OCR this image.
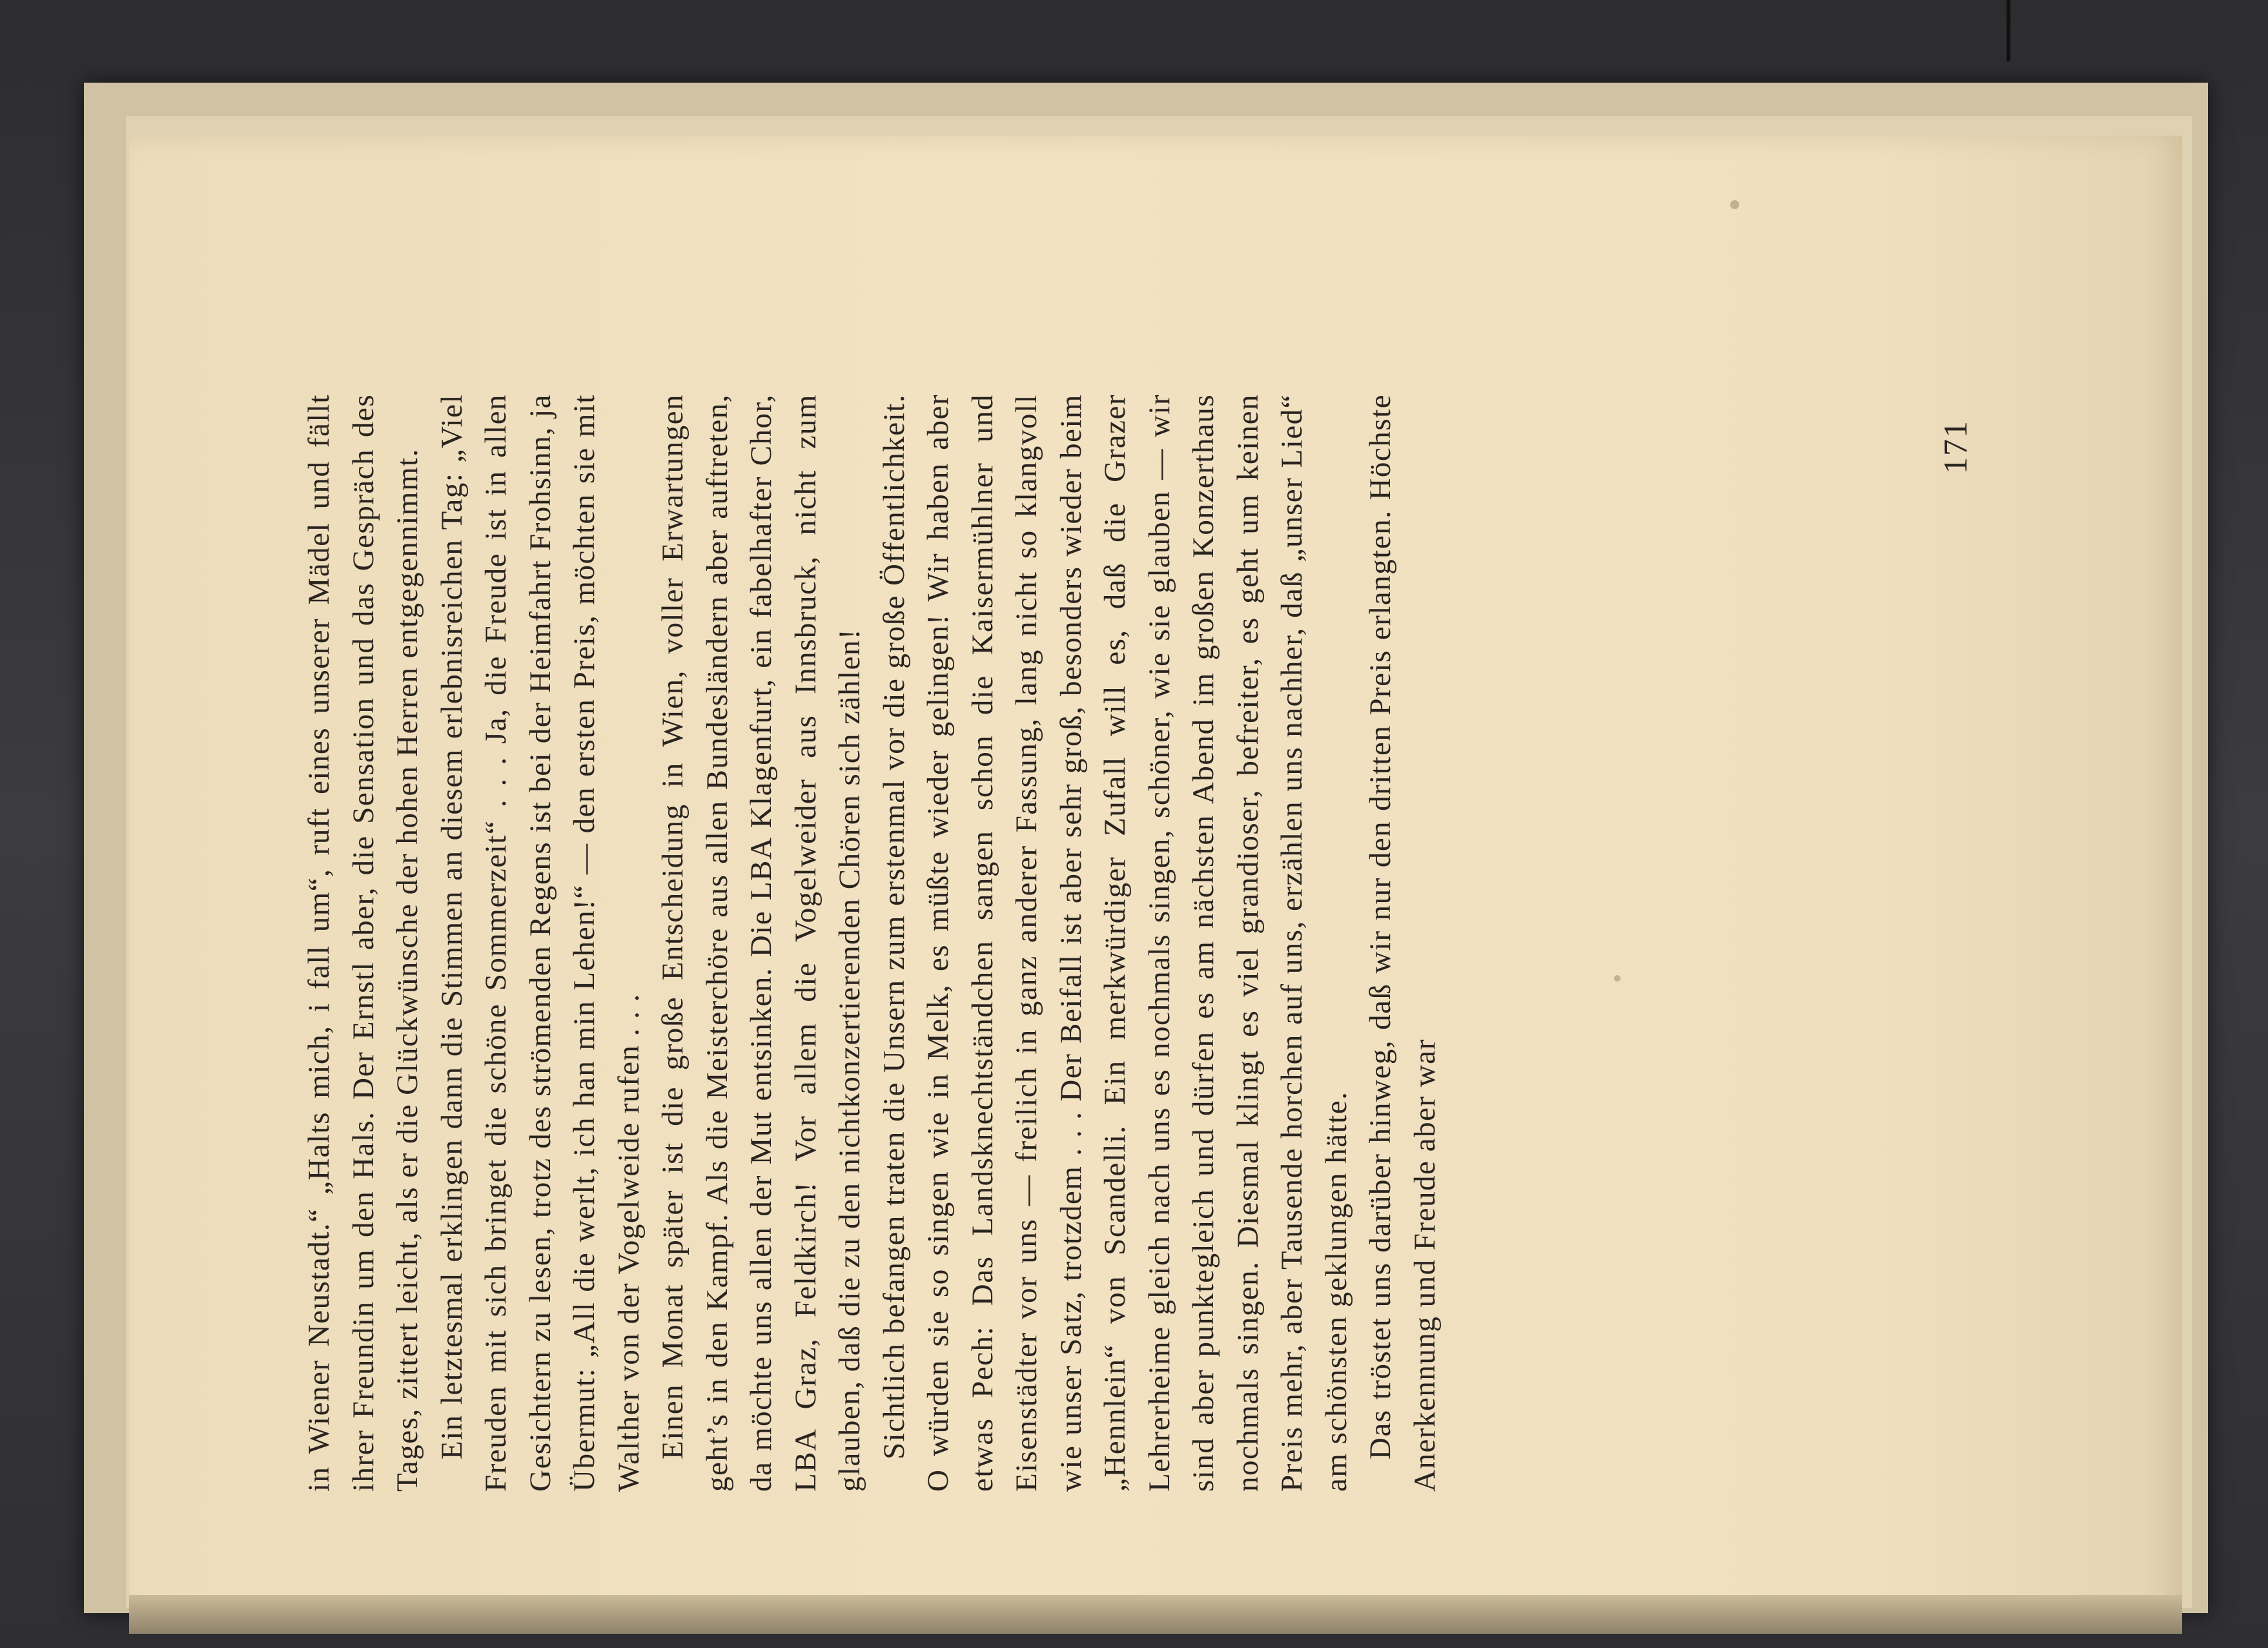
in Wiener Neustadt.“ „Halts mich, i fall um“, ruft eines unserer Mädel und fällt ihrer Freundin um den Hals. Der Ernstl aber, die Sensation und das Gespräch des Tages, zittert leicht, als er die Glückwünsche der hohen Herren entgegennimmt. Ein letztesmal erklingen dann die Stimmen an diesem erlebnisreichen Tag: „Viel Freuden mit sich bringet die schöne Sommerzeit“ . . . Ja, die Freude ist in allen Gesichtern zu lesen, trotz des strömenden Regens ist bei der Heimfahrt Frohsinn, ja Übermut: „All die werlt, ich han min Lehen!“ — den ersten Preis, möchten sie mit Walther von der Vogelweide rufen . . . Einen Monat später ist die große Entscheidung in Wien, voller Erwartungen geht’s in den Kampf. Als die Meisterchöre aus allen Bundesländern aber auftreten, da möchte uns allen der Mut entsinken. Die LBA Klagenfurt, ein fabelhafter Chor, LBA Graz, Feldkirch! Vor allem die Vogelweider aus Innsbruck, nicht zum glauben, daß die zu den nichtkonzertierenden Chören sich zählen! Sichtlich befangen traten die Unsern zum erstenmal vor die große Öffentlichkeit. O würden sie so singen wie in Melk, es müßte wieder gelingen! Wir haben aber etwas Pech: Das Landsknechtständchen sangen schon die Kaisermühlner und Eisenstädter vor uns — freilich in ganz anderer Fassung, lang nicht so klangvoll wie unser Satz, trotzdem . . . Der Beifall ist aber sehr groß, besonders wieder beim „Hennlein“ von Scandelli. Ein merkwürdiger Zufall will es, daß die Grazer Lehrerheime gleich nach uns es nochmals singen, schöner, wie sie glauben — wir sind aber punktegleich und dürfen es am nächsten Abend im großen Konzerthaus nochmals singen. Diesmal klingt es viel grandioser, befreiter, es geht um keinen Preis mehr, aber Tausende horchen auf uns, erzählen uns nachher, daß „unser Lied“ am schönsten geklungen hätte. Das tröstet uns darüber hinweg, daß wir nur den dritten Preis erlangten. Höchste Anerkennung und Freude aber war

171
